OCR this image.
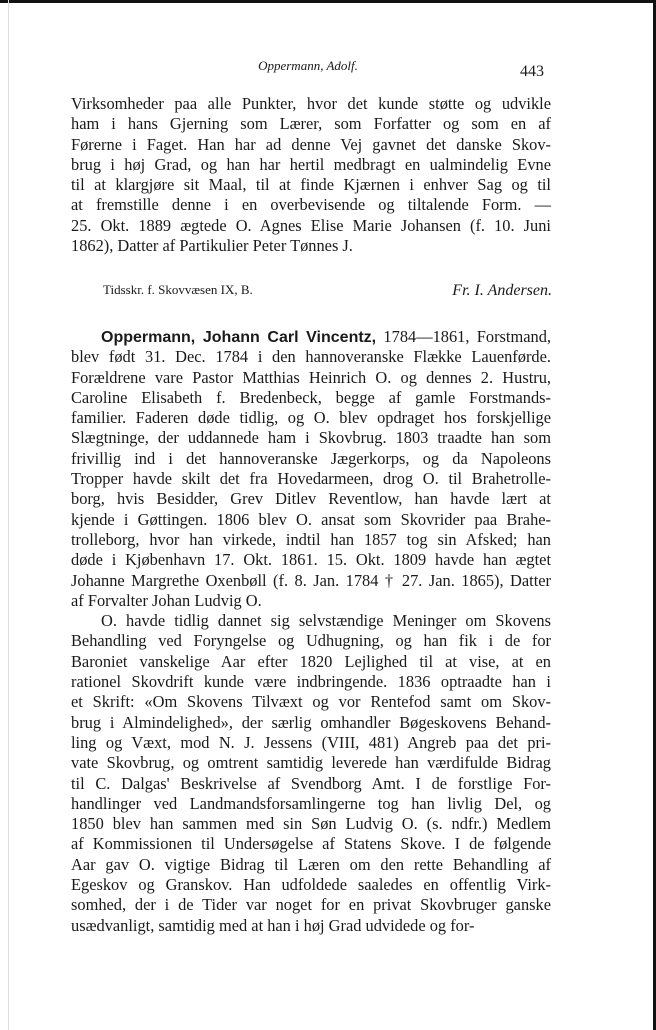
Oppermann, Adolf.	443
Virksomheder paa alle Punkter, hvor det kunde støtte og udvikle
ham i hans Gjerning som Lærer, som Forfatter og som en af
Førerne i Faget. Han har ad denne Vej gavnet det danske Skov-
brug i høj Grad, og han har hertil medbragt en ualmindelig Evne
til at klargjøre sit Maal, til at finde Kjærnen i enhver Sag og til
at fremstille denne i en overbevisende og tiltalende Form. —
25. Okt. 1889 ægtede O. Agnes Elise Marie Johansen (f. 10. Juni
1862), Datter af Partikulier Peter Tønnes J.
Tidsskr. f. Skovvæsen IX, B.	Fr. I. Andersen.
Oppermann, Johann Carl Vincentz, 1784—1861, Forstmand,
blev født 31. Dec. 1784 i den hannoveranske Flække Lauenførde.
Forældrene vare Pastor Matthias Heinrich O. og dennes 2. Hustru,
Caroline Elisabeth f. Bredenbeck, begge af gamle Forstmands-
familier. Faderen døde tidlig, og O. blev opdraget hos forskjellige
Slægtninge, der uddannede ham i Skovbrug. 1803 traadte han som
frivillig ind i det hannoveranske Jægerkorps, og da Napoleons
Tropper havde skilt det fra Hovedarmeen, drog O. til Brahetrolle-
borg, hvis Besidder, Grev Ditlev Reventlow, han havde lært at
kjende i Gøttingen. 1806 blev O. ansat som Skovrider paa Brahe-
trolleborg, hvor han virkede, indtil han 1857 tog sin Afsked; han
døde i Kjøbenhavn 17. Okt. 1861. 15. Okt. 1809 havde han ægtet
Johanne Margrethe Oxenbøll (f. 8. Jan. 1784 † 27. Jan. 1865), Datter
af Forvalter Johan Ludvig O.
O. havde tidlig dannet sig selvstændige Meninger om Skovens
Behandling ved Foryngelse og Udhugning, og han fik i de for
Baroniet vanskelige Aar efter 1820 Lejlighed til at vise, at en
rationel Skovdrift kunde være indbringende. 1836 optraadte han i
et Skrift: «Om Skovens Tilvæxt og vor Rentefod samt om Skov-
brug i Almindelighed», der særlig omhandler Bøgeskovens Behand-
ling og Væxt, mod N. J. Jessens (VIII, 481) Angreb paa det pri-
vate Skovbrug, og omtrent samtidig leverede han værdifulde Bidrag
til C. Dalgas' Beskrivelse af Svendborg Amt. I de forstlige For-
handlinger ved Landmandsforsamlingerne tog han livlig Del, og
1850 blev han sammen med sin Søn Ludvig O. (s. ndfr.) Medlem
af Kommissionen til Undersøgelse af Statens Skove. I de følgende
Aar gav O. vigtige Bidrag til Læren om den rette Behandling af
Egeskov og Granskov. Han udfoldede saaledes en offentlig Virk-
somhed, der i de Tider var noget for en privat Skovbruger ganske
usædvanligt, samtidig med at han i høj Grad udvidede og for-
